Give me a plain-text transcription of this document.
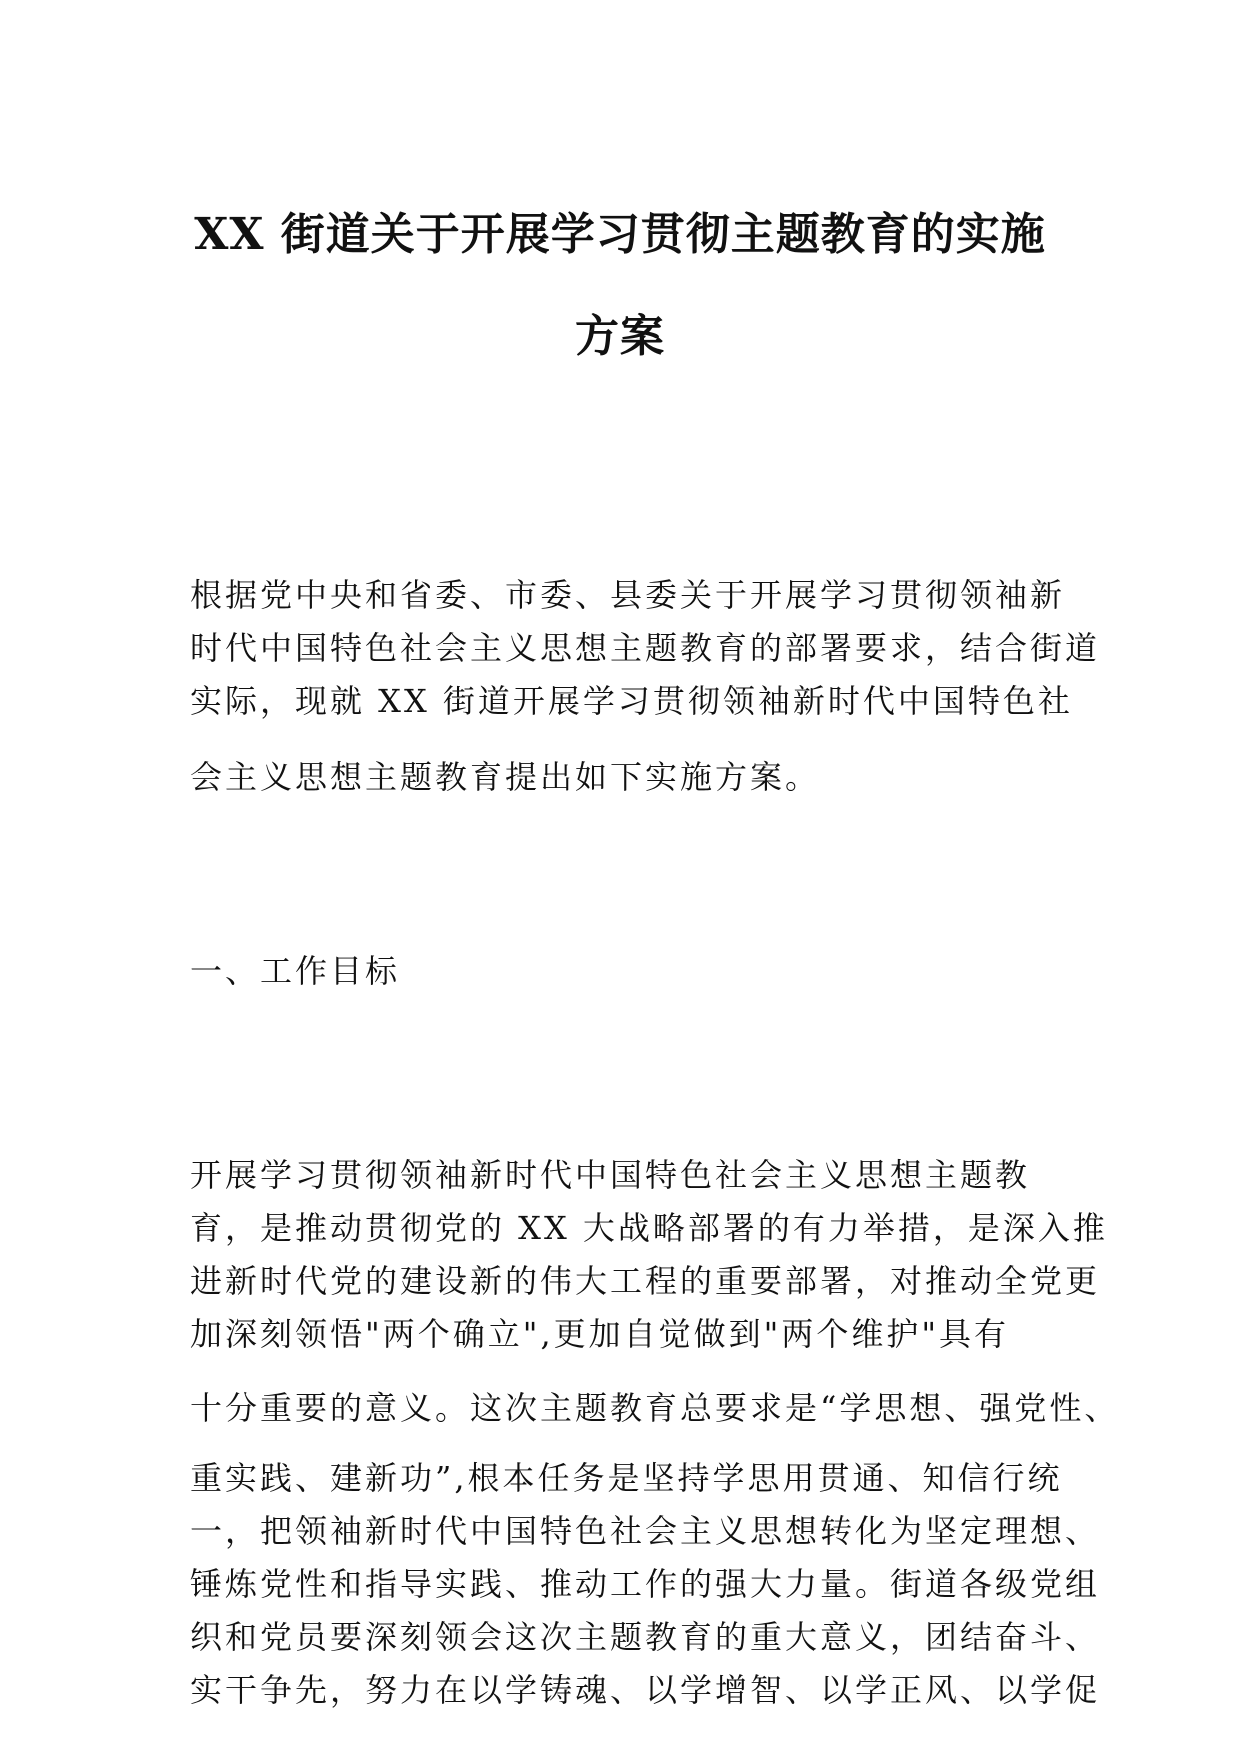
XX 街道关于开展学习贯彻主题教育的实施
方案
根据党中央和省委、市委、县委关于开展学习贯彻领袖新
时代中国特色社会主义思想主题教育的部署要求，结合街道
实际，现就 XX 街道开展学习贯彻领袖新时代中国特色社
会主义思想主题教育提出如下实施方案。
一、工作目标
开展学习贯彻领袖新时代中国特色社会主义思想主题教
育，是推动贯彻党的 XX 大战略部署的有力举措，是深入推
进新时代党的建设新的伟大工程的重要部署，对推动全党更
加深刻领悟"两个确立",更加自觉做到"两个维护"具有
十分重要的意义。这次主题教育总要求是“学思想、强党性、
重实践、建新功”,根本任务是坚持学思用贯通、知信行统
一，把领袖新时代中国特色社会主义思想转化为坚定理想、
锤炼党性和指导实践、推动工作的强大力量。街道各级党组
织和党员要深刻领会这次主题教育的重大意义，团结奋斗、
实干争先，努力在以学铸魂、以学增智、以学正风、以学促
